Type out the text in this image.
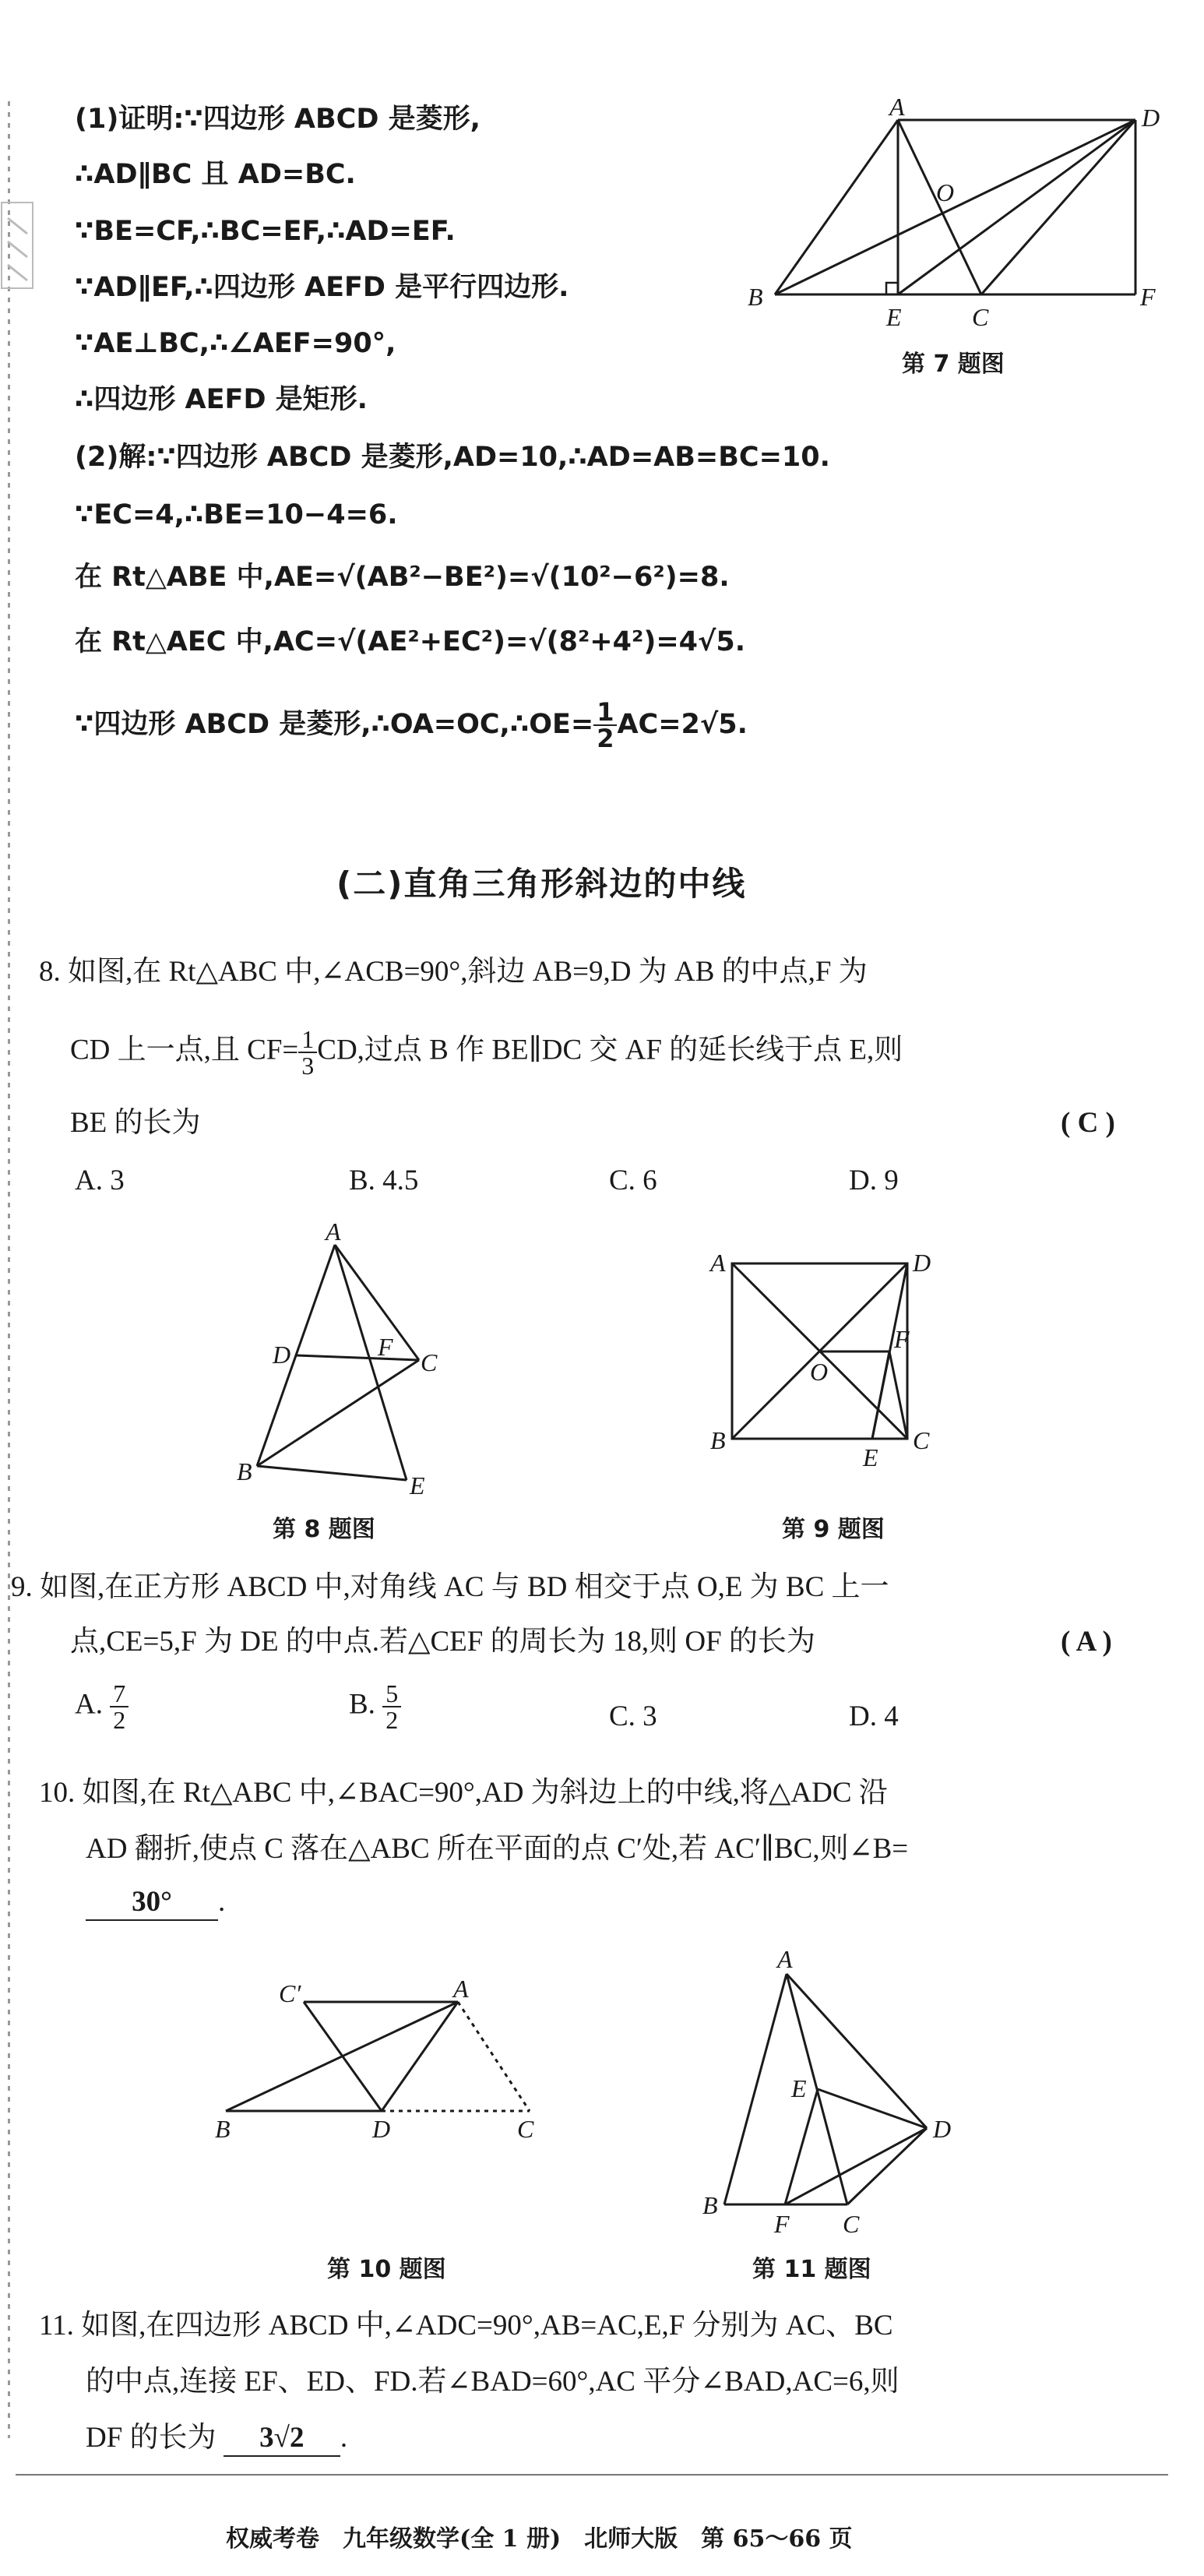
(1)证明:∵四边形 ABCD 是菱形,
∴AD∥BC 且 AD=BC.
∵BE=CF,∴BC=EF,∴AD=EF.
∵AD∥EF,∴四边形 AEFD 是平行四边形.
∵AE⊥BC,∴∠AEF=90°,
∴四边形 AEFD 是矩形.
(2)解:∵四边形 ABCD 是菱形,AD=10,∴AD=AB=BC=10.
∵EC=4,∴BE=10−4=6.
在 Rt△ABE 中,AE=√(AB²−BE²)=√(10²−6²)=8.
在 Rt△AEC 中,AC=√(AE²+EC²)=√(8²+4²)=4√5.
∵四边形 ABCD 是菱形,∴OA=OC,∴OE= $\frac{1}{2} AC=2√5$.
A	D
O
B
E	C
F
第 7 题图
(二)直角三角形斜边的中线
8. 如图,在 Rt△ABC 中,∠ACB=90°,斜边 AB=9,D 为 AB 的中点,F 为
CD 上一点,且 $CF= \frac{1}{3}$ CD,过点 B 作 BE∥DC 交 AF 的延长线于点 E,则
BE 的长为	( C )
A. 3	B. 4.5	C. 6	D. 9
A
D	F
C
B	E
第 8 题图
A	D
F
O
B
E
C
第 9 题图
9. 如图,在正方形 ABCD 中,对角线 AC 与 BD 相交于点 O,E 为 BC 上一
点,CE=5,F 为 DE 的中点.若△CEF 的周长为 18,则 OF 的长为	( A )
A. $\frac{7}{2}$	B. $\frac{5}{2}$	C. 3	D. 4
10. 如图,在 Rt△ABC 中,∠BAC=90°,AD 为斜边上的中线,将△ADC 沿
AD 翻折,使点 C 落在△ABC 所在平面的点 C′处,若 AC′∥BC,则∠B=
30° .
C′	A
B	D	C
第 10 题图
A
E
D
B
F C
第 11 题图
11. 如图,在四边形 ABCD 中,∠ADC=90°,AB=AC,E,F 分别为 AC、BC
的中点,连接 EF、ED、FD.若∠BAD=60°,AC 平分∠BAD,AC=6,则
DF 的长为 3√2 .
权威考卷　九年级数学(全 1 册)　北师大版　第 65～66 页
